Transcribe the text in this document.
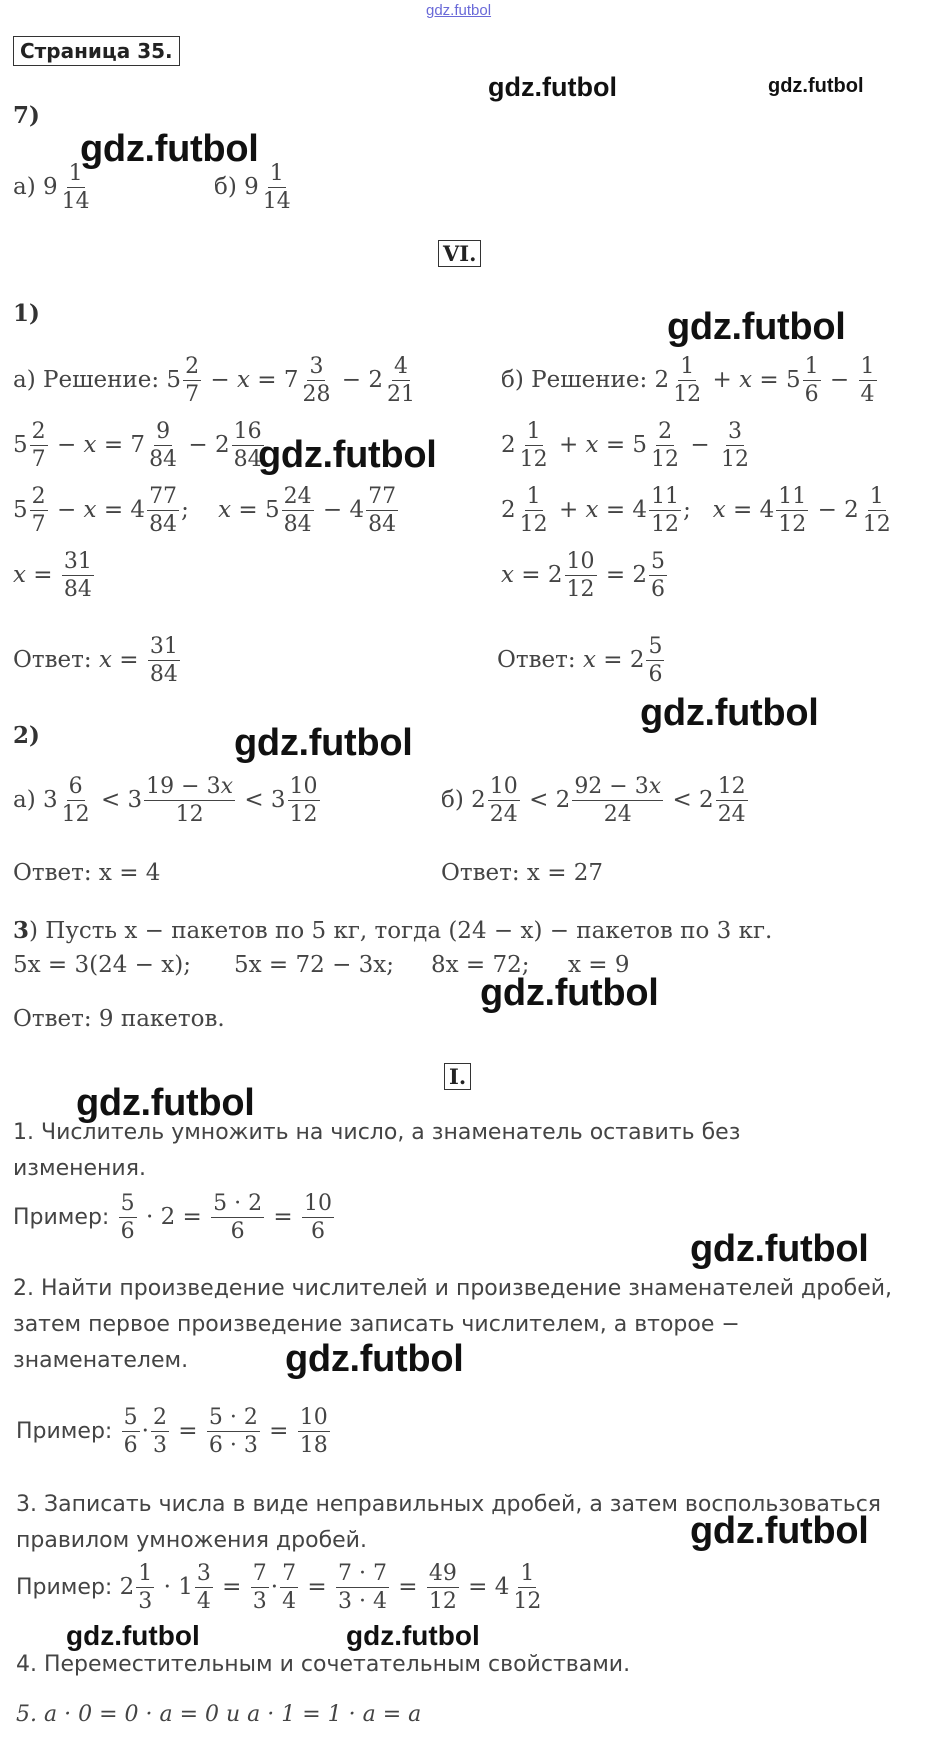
gdz.futbol
Страница 35.
gdz.futbol	gdz.futbol
7)
gdz.futbol
а)
$9 \frac{1}{14}$	б)
$9 \frac{1}{14}$
VI.
1)	gdz.futbol
а) Решение: $5 \frac{2}{7} - x = 7 \frac{3}{28} - 2 \frac{4}{21}$
$5 \frac{2}{7} - x = 7 \frac{9}{84} - 2 \frac{16}{84}$
gdz.futbol
$5 \frac{2}{7} - x = 4 \frac{77}{84}$ ; $x = 5 \frac{24}{84} - 4 \frac{77}{84}$
$x = \frac{31}{84}$
Ответ:
$x = \frac{31}{84}$
б) Решение: $2 \frac{1}{12} + x = 5 \frac{1}{6} - \frac{1}{4}$
$2 \frac{1}{12} + x = 5 \frac{2}{12} - \frac{3}{12}$
$2 \frac{1}{12} + x = 4 \frac{11}{12}$ ; $x = 4 \frac{11}{12} - 2 \frac{1}{12}$
$x = 2 \frac{10}{12} = 2 \frac{5}{6}$
Ответ:
$x = 2 \frac{5}{6}$
gdz.futbol
2)	gdz.futbol
а) $3 \frac{6}{12} < 3 \frac{19 - 3x}{12} < 3 \frac{10}{12}$	б) $2 \frac{10}{24} < 2 \frac{92 - 3x}{24} < 2 \frac{12}{24}$
Ответ: x = 4	Ответ: x = 27
3) Пусть x − пакетов по 5 кг, тогда (24 − x) − пакетов по 3 кг.
5x = 3(24 − x); 5x = 72 − 3x; 8x = 72; x = 9
gdz.futbol
Ответ: 9 пакетов.
I.
gdz.futbol
1. Числитель умножить на число, а знаменатель оставить без
изменения.
Пример:
$\frac{5}{6} \cdot 2 = \frac{5 \cdot 2}{6} = \frac{10}{6}$
gdz.futbol
2. Найти произведение числителей и произведение знаменателей дробей,
затем первое произведение записать числителем, а второе −
знаменателем.	gdz.futbol
Пример:
$\frac{5}{6} \cdot \frac{2}{3} = \frac{5 \cdot 2}{6 \cdot 3} = \frac{10}{18}$
3. Записать числа в виде неправильных дробей, а затем воспользоваться
правилом умножения дробей.	gdz.futbol
Пример: $2 \frac{1}{3} \cdot 1 \frac{3}{4} = \frac{7}{3} \cdot \frac{7}{4} = \frac{7 \cdot 7}{3 \cdot 4} = \frac{49}{12} = 4 \frac{1}{12}$
gdz.futbol	gdz.futbol
4. Переместительным и сочетательным свойствами.
5. a · 0 = 0 · a = 0 и a · 1 = 1 · a = a
